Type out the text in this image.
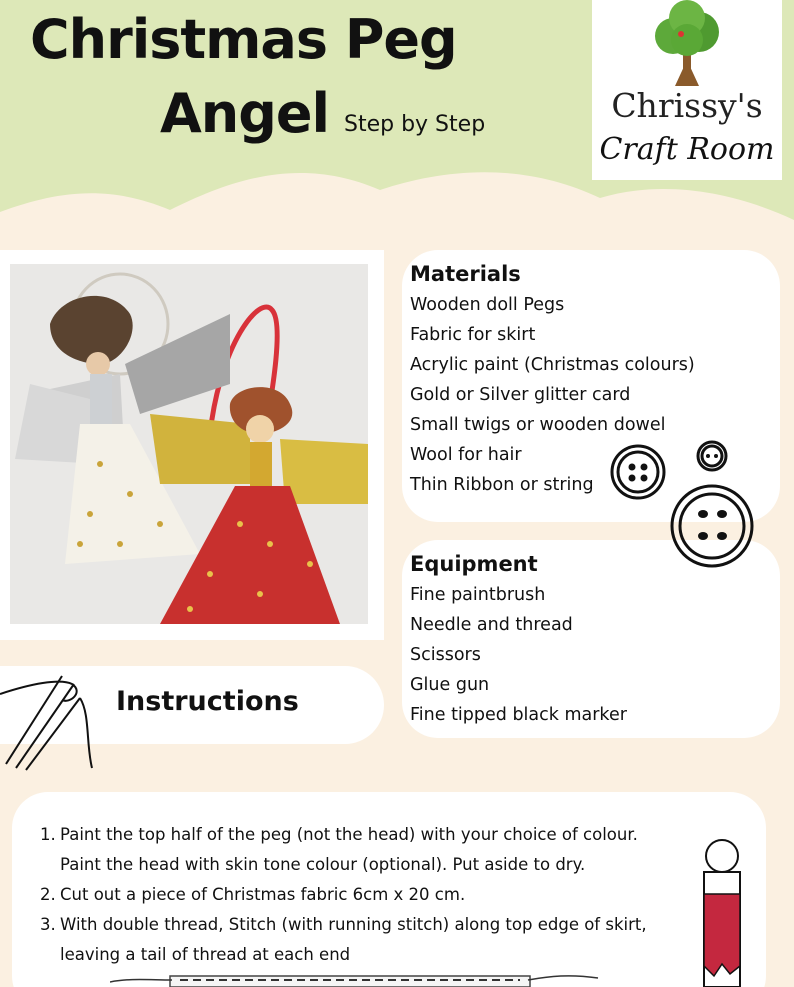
Christmas Peg
Angel Step by Step	Chrissy's
Craft Room
Materials
Wooden doll Pegs
Fabric for skirt
Acrylic paint (Christmas colours)
Gold or Silver glitter card
Small twigs or wooden dowel
Wool for hair
Thin Ribbon or string
Equipment
Fine paintbrush
Needle and thread
Scissors
Glue gun
Fine tipped black marker
Instructions
1. Paint the top half of the peg (not the head) with your choice of colour.
Paint the head with skin tone colour (optional). Put aside to dry.
2. Cut out a piece of Christmas fabric 6cm x 20 cm.
3. With double thread, Stitch (with running stitch) along top edge of skirt,
leaving a tail of thread at each end
